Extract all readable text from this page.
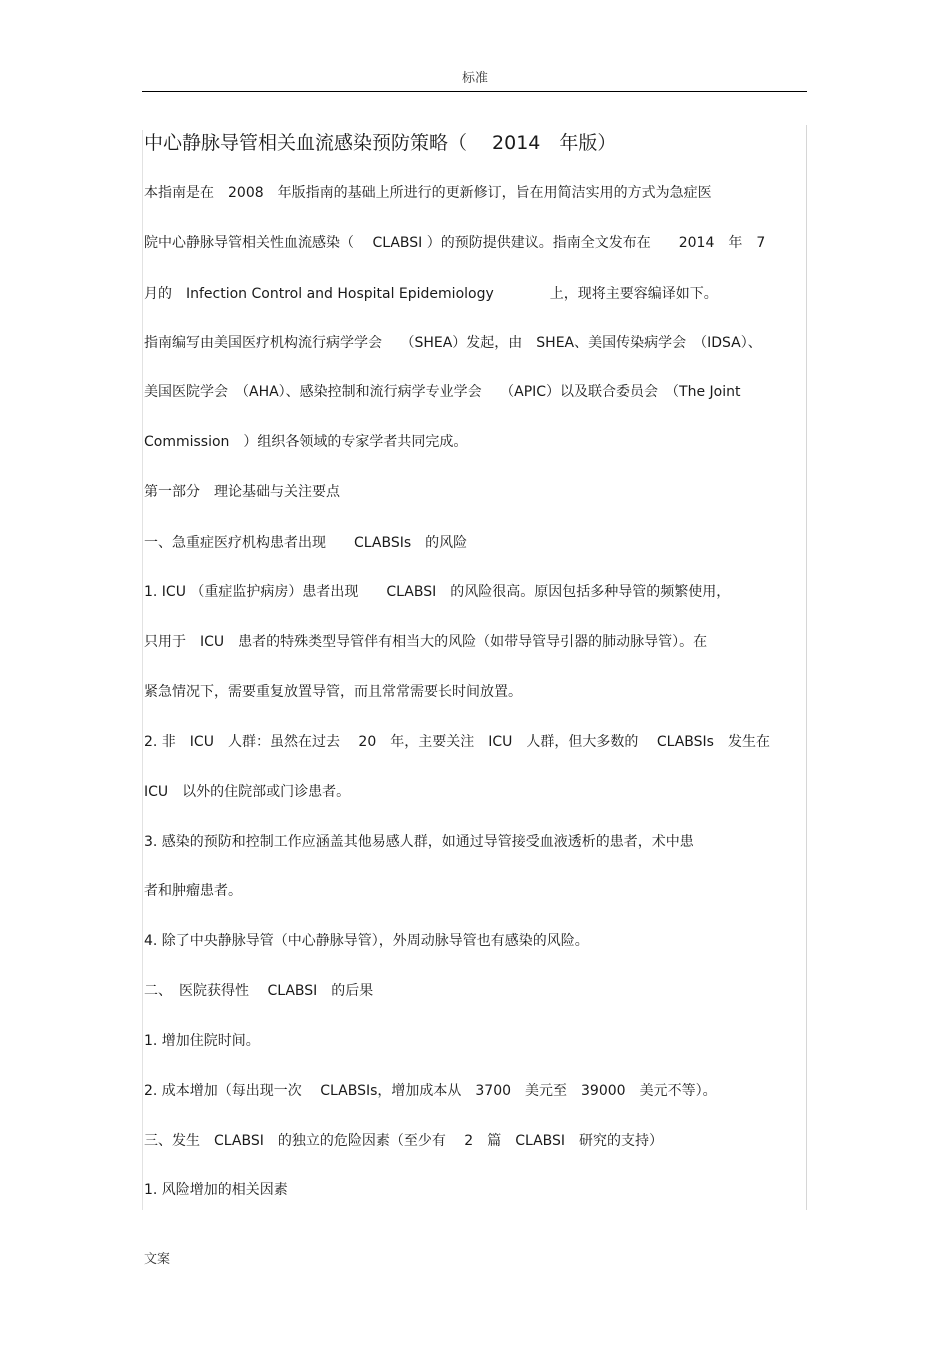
标准
中心静脉导管相关血流感染预防策略（　 2014　年版）
本指南是在　2008　年版指南的基础上所进行的更新修订，旨在用简洁实用的方式为急症医
院中心静脉导管相关性血流感染（　 CLABSI ）的预防提供建议。指南全文发布在　　2014　年　7
月的　Infection Control and Hospital Epidemiology　　　　上，现将主要容编译如下。
指南编写由美国医疗机构流行病学学会　 （SHEA）发起，由　SHEA、美国传染病学会　（IDSA）、
美国医院学会　（AHA）、感染控制和流行病学专业学会　 （APIC）以及联合委员会　（The Joint
Commission　）组织各领域的专家学者共同完成。
第一部分　理论基础与关注要点
一、急重症医疗机构患者出现　　CLABSIs　的风险
1. ICU （重症监护病房）患者出现　　CLABSI　的风险很高。原因包括多种导管的频繁使用，
只用于　ICU　患者的特殊类型导管伴有相当大的风险（如带导管导引器的肺动脉导管）。在
紧急情况下，需要重复放置导管，而且常常需要长时间放置。
2. 非　ICU　人群：虽然在过去　 20　年，主要关注　ICU　人群，但大多数的　 CLABSIs　发生在
ICU　以外的住院部或门诊患者。
3. 感染的预防和控制工作应涵盖其他易感人群，如通过导管接受血液透析的患者，术中患
者和肿瘤患者。
4. 除了中央静脉导管（中心静脉导管），外周动脉导管也有感染的风险。
二、　医院获得性　 CLABSI　的后果
1. 增加住院时间。
2. 成本增加（每出现一次　 CLABSIs，增加成本从　3700　美元至　39000　美元不等）。
三、发生　CLABSI　的独立的危险因素（至少有　 2　篇　CLABSI　研究的支持）
1. 风险增加的相关因素
文案
